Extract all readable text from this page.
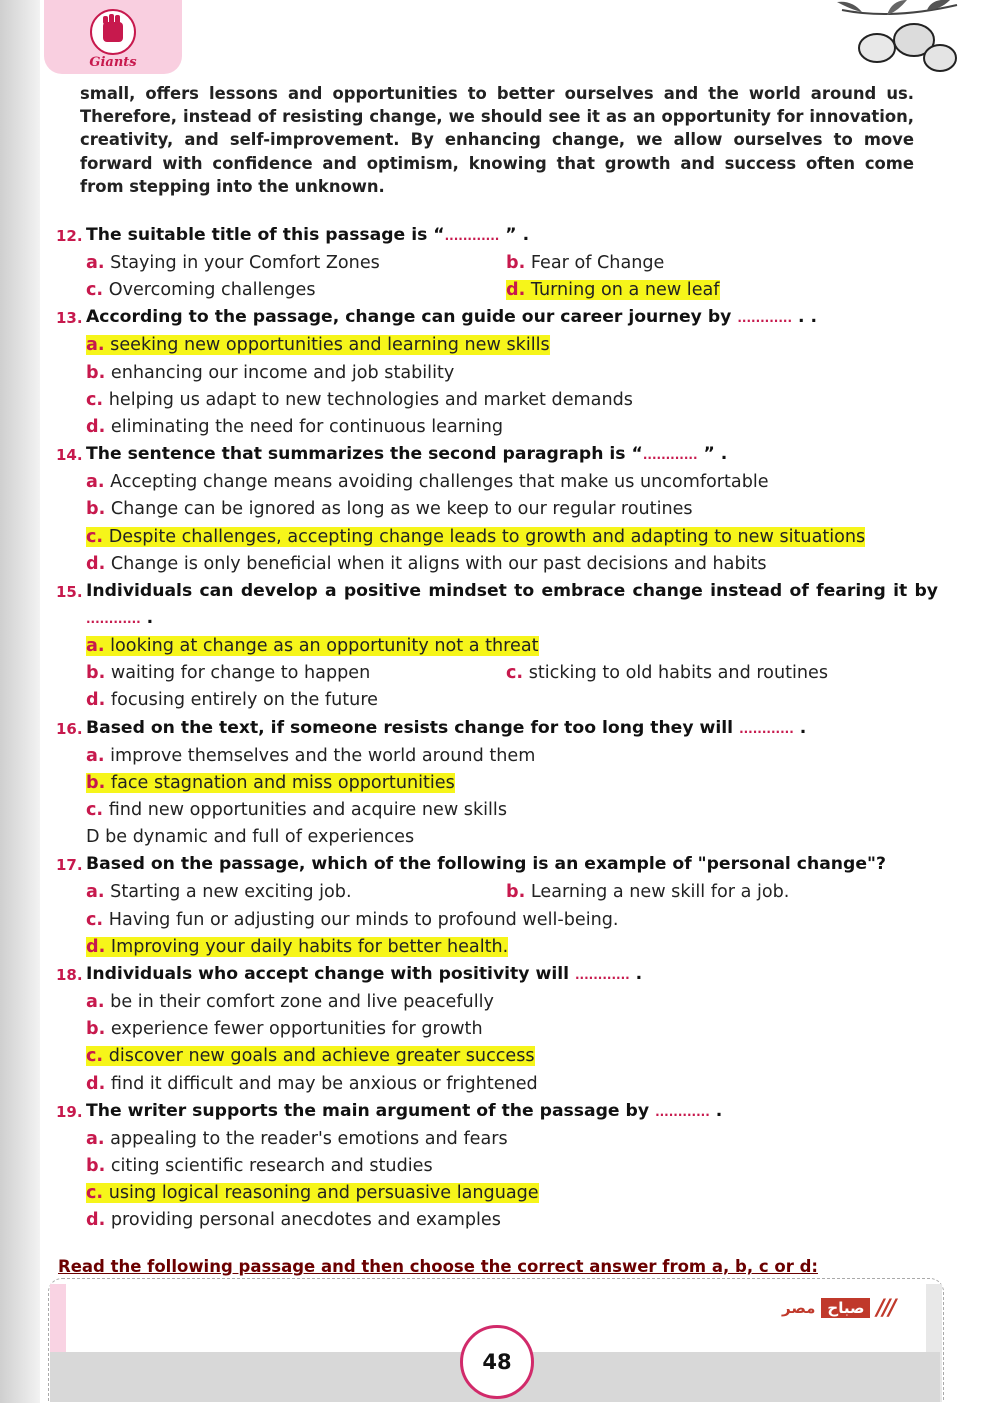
Giants
small, offers lessons and opportunities to better ourselves and the world around us. Therefore, instead of resisting change, we should see it as an opportunity for innovation, creativity, and self-improvement. By enhancing change, we allow ourselves to move forward with confidence and optimism, knowing that growth and success often come from stepping into the unknown.
12. The suitable title of this passage is “............ ” .
a. Staying in your Comfort Zones	b. Fear of Change
c. Overcoming challenges	d. Turning on a new leaf
13. According to the passage, change can guide our career journey by ............ . .
a. seeking new opportunities and learning new skills
b. enhancing our income and job stability
c. helping us adapt to new technologies and market demands
d. eliminating the need for continuous learning
14. The sentence that summarizes the second paragraph is “............ ” .
a. Accepting change means avoiding challenges that make us uncomfortable
b. Change can be ignored as long as we keep to our regular routines
c. Despite challenges, accepting change leads to growth and adapting to new situations
d. Change is only beneficial when it aligns with our past decisions and habits
15. Individuals can develop a positive mindset to embrace change instead of fearing it by ............ .
a. looking at change as an opportunity not a threat
b. waiting for change to happen	c. sticking to old habits and routines
d. focusing entirely on the future
16. Based on the text, if someone resists change for too long they will ............ .
a. improve themselves and the world around them
b. face stagnation and miss opportunities
c. find new opportunities and acquire new skills
D be dynamic and full of experiences
17. Based on the passage, which of the following is an example of "personal change"?
a. Starting a new exciting job.	b. Learning a new skill for a job.
c. Having fun or adjusting our minds to profound well-being.
d. Improving your daily habits for better health.
18. Individuals who accept change with positivity will ............ .
a. be in their comfort zone and live peacefully
b. experience fewer opportunities for growth
c. discover new goals and achieve greater success
d. find it difficult and may be anxious or frightened
19. The writer supports the main argument of the passage by ............ .
a. appealing to the reader's emotions and fears
b. citing scientific research and studies
c. using logical reasoning and persuasive language
d. providing personal anecdotes and examples
Read the following passage and then choose the correct answer from a, b, c or d:
مصر صباح ///
48
